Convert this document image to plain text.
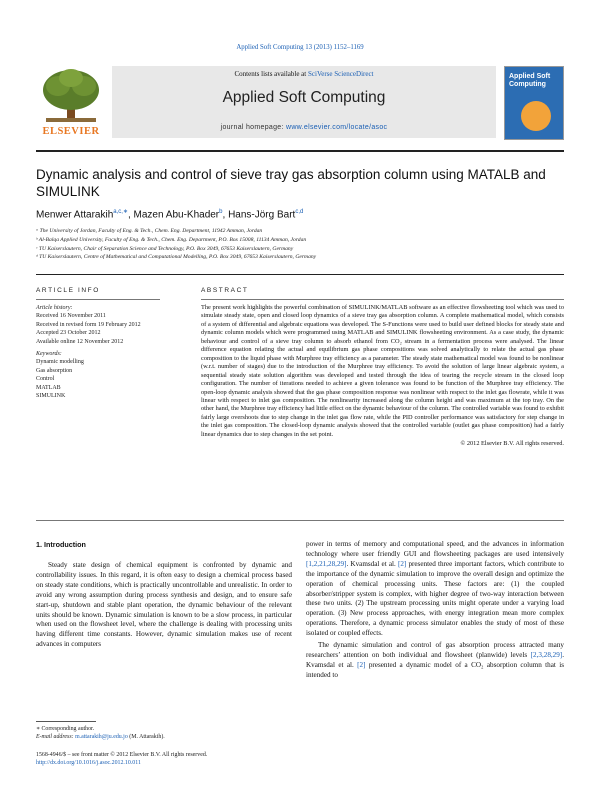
Applied Soft Computing 13 (2013) 1152–1169
ELSEVIER
Contents lists available at SciVerse ScienceDirect
Applied Soft Computing
journal homepage: www.elsevier.com/locate/asoc
Applied Soft Computing
Dynamic analysis and control of sieve tray gas absorption column using MATALB and SIMULINK
Menwer Attarakih$^{a,c,∗}$, Mazen Abu-Khader$^b$, Hans-Jörg Bart$^{c,d}$
ᵃ The University of Jordan, Faculty of Eng. & Tech., Chem. Eng. Department, 11942 Amman, Jordan
ᵇ Al-Balqa Applied University, Faculty of Eng. & Tech., Chem. Eng. Department, P.O. Box 15008, 11134 Amman, Jordan
ᶜ TU Kaiserslautern, Chair of Separation Science and Technology, P.O. Box 3049, 67653 Kaiserslautern, Germany
ᵈ TU Kaiserslautern, Centre of Mathematical and Computational Modelling, P.O. Box 3049, 67653 Kaiserslautern, Germany
ARTICLE INFO
Article history:
Received 16 November 2011
Received in revised form 19 February 2012
Accepted 23 October 2012
Available online 12 November 2012
Keywords:
Dynamic modelling
Gas absorption
Control
MATLAB
SIMULINK
ABSTRACT

The present work highlights the powerful combination of SIMULINK/MATLAB software as an effective flowsheeting tool which was used to simulate steady state, open and closed loop dynamics of a sieve tray gas absorption column. A complete mathematical model, which consists of a system of differential and algebraic equations was developed. The S-Functions were used to build user defined blocks for steady state and dynamic column models which were programmed using MATLAB and SIMULINK flowsheeting environment. As a case study, the dynamic behaviour and control of a sieve tray column to absorb ethanol from CO₂ stream in a fermentation process were analysed. The linear difference equation relating the actual and equilibrium gas phase compositions was solved analytically to relate the actual gas phase composition to the liquid phase with Murphree tray efficiency as a parameter. The steady state mathematical model was found to be nonlinear (w.r.t. number of stages) due to the introduction of the Murphree tray efficiency. To avoid the solution of large linear algebraic system, a sequential steady state solution algorithm was developed and tested through the idea of tearing the recycle stream in the closed loop configuration. The number of iterations needed to achieve a given tolerance was found to be function of the Murphree tray efficiency. The open-loop dynamic analysis showed that the gas phase composition response was nonlinear with respect to the inlet gas flowrate, while it was linear with respect to inlet gas composition. The nonlinearity increased along the column height and was maximum at the top tray. On the other hand, the Murphree tray efficiency had little effect on the dynamic behaviour of the column. The controlled variable was found to exhibit fairly large overshoots due to step change in the inlet gas flow rate, while the PID controller performance was satisfactory for step change in the inlet gas composition. The closed-loop dynamic analysis showed that the controlled variable (outlet gas phase composition) had a fairly linear dynamics due to step changes in the set point.

© 2012 Elsevier B.V. All rights reserved.
1. Introduction

Steady state design of chemical equipment is confronted by dynamic and controllability issues. In this regard, it is often easy to design a chemical process based on steady state conditions, which is practically uncontrollable and unrealistic. In order to avoid any wrong assumption during process synthesis and design, and to ensure safe start-up, shutdown and stable plant operation, the dynamic behaviour of the relevant units should be known. Dynamic simulation is known to be a slow process, in particular when used on the flowsheet level, where the challenge is dealing with processing units having different time constants. However, dynamic simulation makes use of recent advances in computers

power in terms of memory and computational speed, and the advances in information technology where user friendly GUI and flowsheeting packages are used intensively [1,2,21,28,29]. Kvamsdal et al. [2] presented three important factors, which contribute to the importance of the dynamic simulation to improve the overall design and optimize the operation of chemical processing units. These factors are: (1) the coupled absorber/stripper system is complex, with higher degree of two-way interaction between these two units. (2) The upstream processing units might operate under a varying load operation. (3) New process approaches, with energy integration mean more complex operations. Therefore, a dynamic process simulator enables the study of most of these isolated or coupled effects.

The dynamic simulation and control of gas absorption process attracted many researchers’ attention on both individual and flowsheet (planwide) levels [2,3,28,29]. Kvamsdal et al. [2] presented a dynamic model of a CO₂ absorption column that is intended to

∗ Corresponding author.
E-mail address: m.attarakih@ju.edu.jo (M. Attarakih).
1568-4946/$ – see front matter © 2012 Elsevier B.V. All rights reserved.
http://dx.doi.org/10.1016/j.asoc.2012.10.011
